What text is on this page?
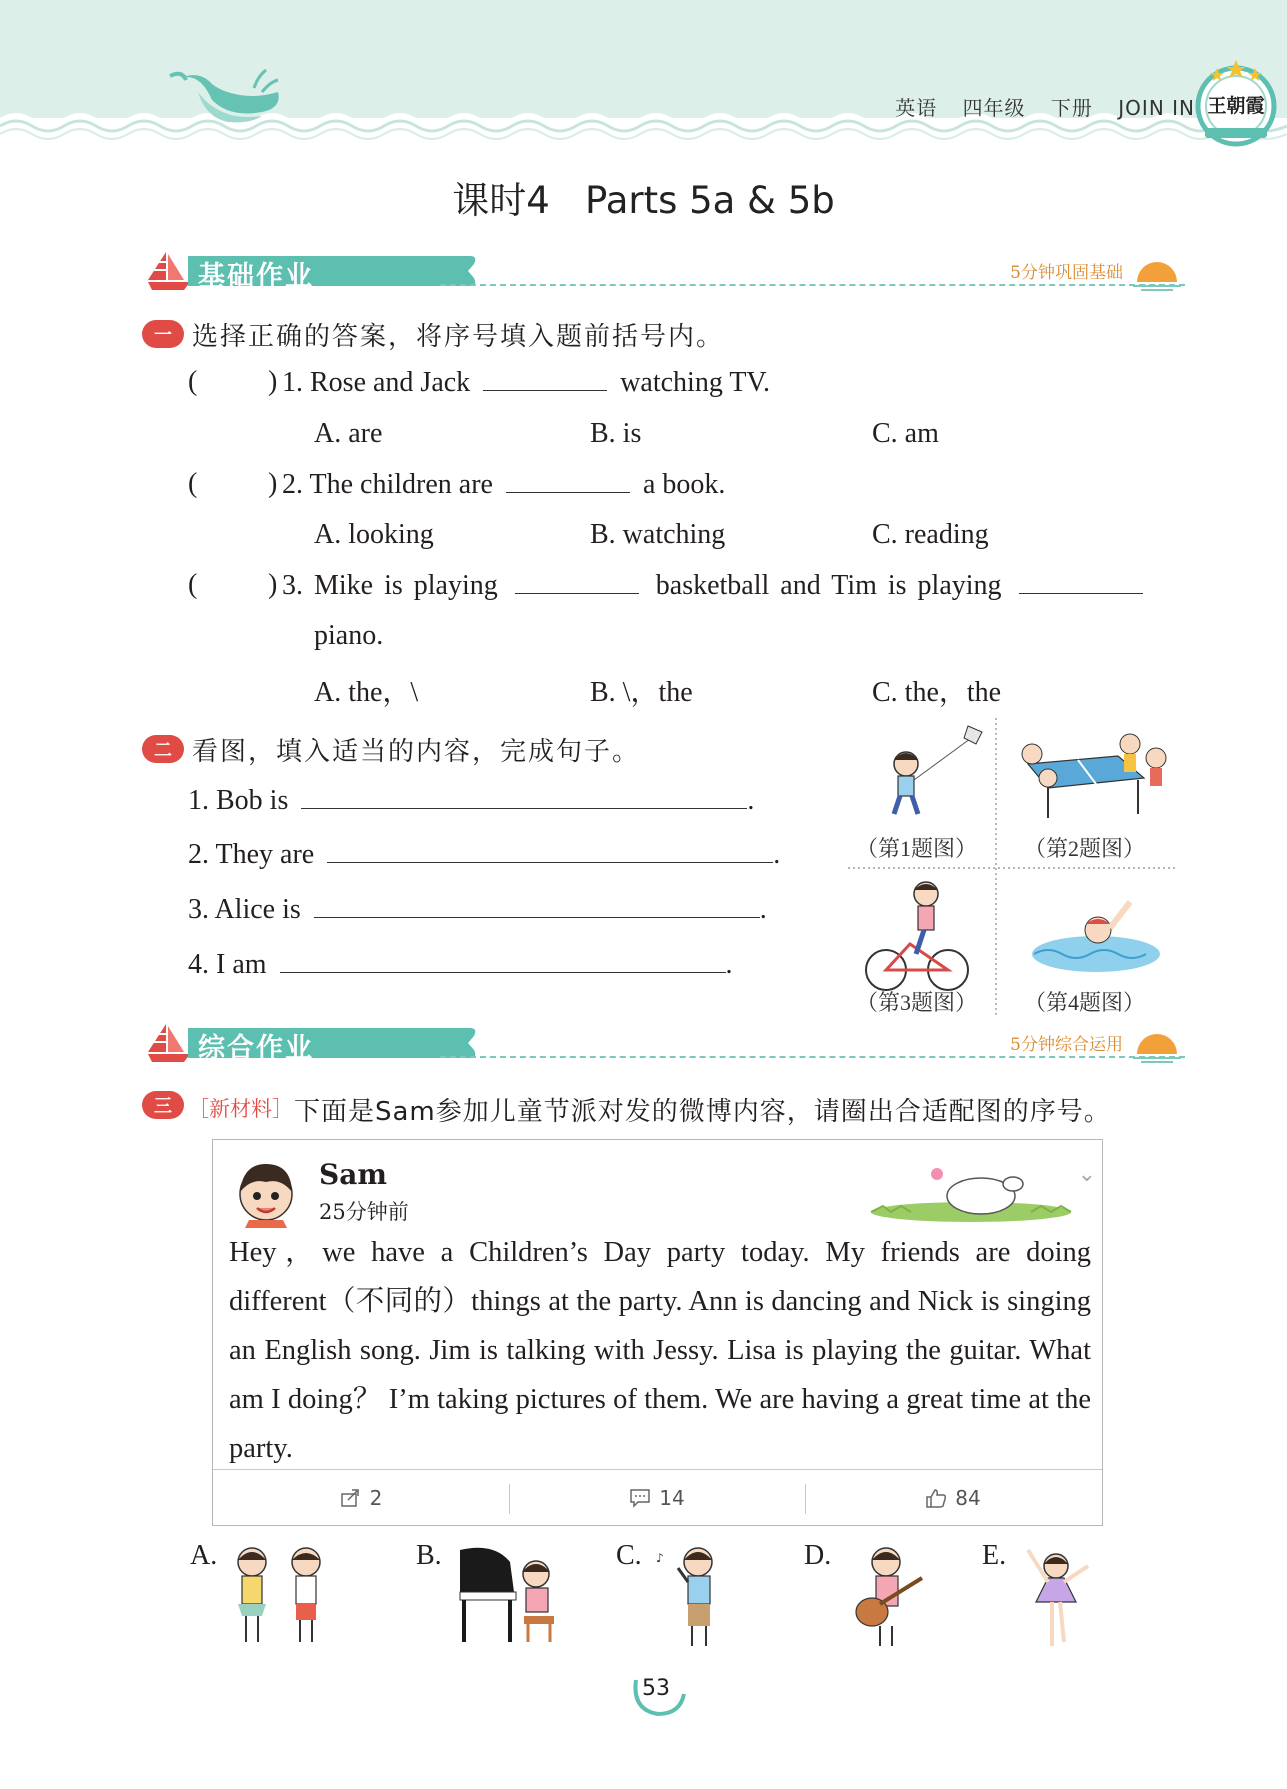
英语 四年级 下册 JOIN IN 王朝霞
课时4   Parts 5a & 5b
基础作业	5分钟巩固基础
一 选择正确的答案，将序号填入题前括号内。
(	) 1. Rose and Jack	watching TV.
A. are	B. is	C. am
(	) 2. The children are	a book.
A. looking	B. watching	C. reading
(	) 3. Mike is playing	basketball and Tim is playing
piano.
A. the，\	B. \，the	C. the，the
二 看图，填入适当的内容，完成句子。
1. Bob is	.
2. They are	.
3. Alice is	.
4. I am	.
（第1题图） （第2题图）
（第3题图） （第4题图）
综合作业	5分钟综合运用
三 ［新材料］ 下面是Sam参加儿童节派对发的微博内容，请圈出合适配图的序号。
Sam
25分钟前
⌄
Hey，we have a Children’s Day party today. My friends are doing different（不同的）things at the party. Ann is dancing and Nick is singing an English song. Jim is talking with Jessy. Lisa is playing the guitar. What am I doing？ I’m taking pictures of them. We are having a great time at the party.
2	14	84
A.	B.	C. ♪	D.	E.
53
